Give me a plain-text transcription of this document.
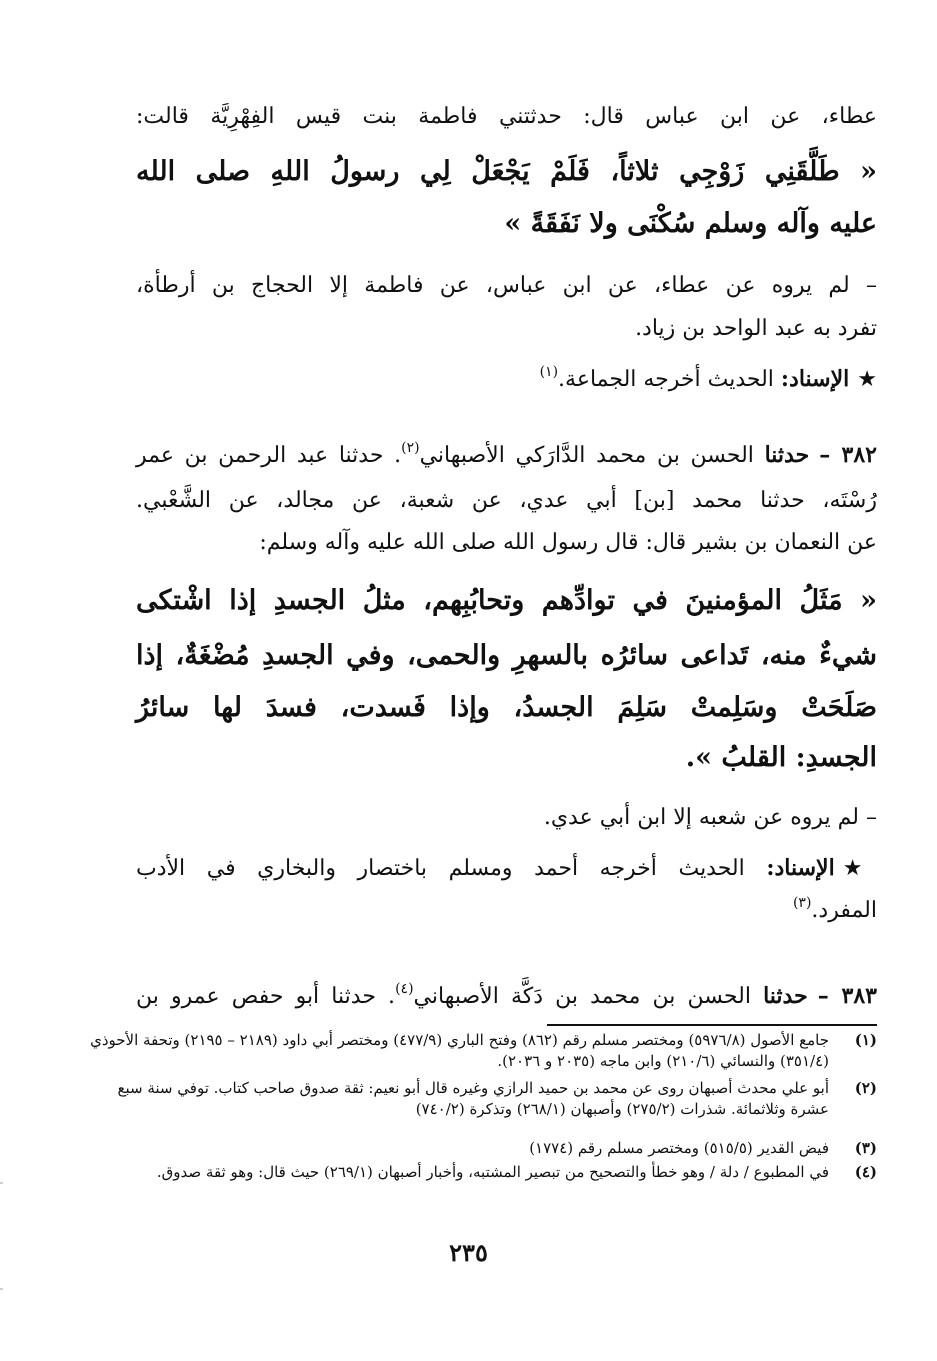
عطاء، عن ابن عباس قال: حدثتني فاطمة بنت قيس الفِهْرِيَّة قالت:
« طَلَّقَنِي زَوْجِي ثلاثاً، فَلَمْ يَجْعَلْ لِي رسولُ اللهِ صلى الله
عليه وآله وسلم سُكْنَى ولا نَفَقَةً »
– لم يروه عن عطاء، عن ابن عباس، عن فاطمة إلا الحجاج بن أرطأة،
تفرد به عبد الواحد بن زياد.
★الإسناد: الحديث أخرجه الجماعة.$^{(١)}$
٣٨٢ –حدثنا الحسن بن محمد الدَّارَكي الأصبهاني$^{(٢)}$. حدثنا عبد الرحمن بن عمر
رُسْتَه، حدثنا محمد [بن] أبي عدي، عن شعبة، عن مجالد، عن الشَّعْبي.
عن النعمان بن بشير قال: قال رسول الله صلى الله عليه وآله وسلم:
« مَثَلُ المؤمنينَ في توادِّهم وتحابُبِهم، مثلُ الجسدِ إذا اشْتكى
شيءٌ منه، تَداعى سائرُه بالسهرِ والحمى، وفي الجسدِ مُضْغَةٌ، إذا
صَلَحَتْ وسَلِمتْ سَلِمَ الجسدُ، وإذا فَسدت، فسدَ لها سائرُ
الجسدِ: القلبُ ».
– لم يروه عن شعبه إلا ابن أبي عدي.
★الإسناد: الحديث أخرجه أحمد ومسلم باختصار والبخاري في الأدب
المفرد.$^{(٣)}$
٣٨٣ –حدثنا الحسن بن محمد بن دَكَّة الأصبهاني$^{(٤)}$. حدثنا أبو حفص عمرو بن
(١)
جامع الأصول (٥٩٧٦/٨) ومختصر مسلم رقم (٨٦٢) وفتح الباري (٤٧٧/٩) ومختصر أبي داود (٢١٨٩ – ٢١٩٥) وتحفة الأحوذي (٣٥١/٤) والنسائي (٢١٠/٦) وابن ماجه (٢٠٣٥ و ٢٠٣٦).
(٢)
أبو علي محدث أصبهان روى عن محمد بن حميد الرازي وغيره قال أبو نعيم: ثقة صدوق صاحب كتاب. توفي سنة سبع عشرة وثلاثمائة. شذرات (٢٧٥/٢) وأصبهان (٢٦٨/١) وتذكرة (٧٤٠/٢)
(٣)
فيض القدير (٥١٥/٥) ومختصر مسلم رقم (١٧٧٤)
(٤)
في المطبوع / دلة / وهو خطأ والتصحيح من تبصير المشتبه، وأخبار أصبهان (٢٦٩/١) حيث قال: وهو ثقة صدوق.
٢٣٥
